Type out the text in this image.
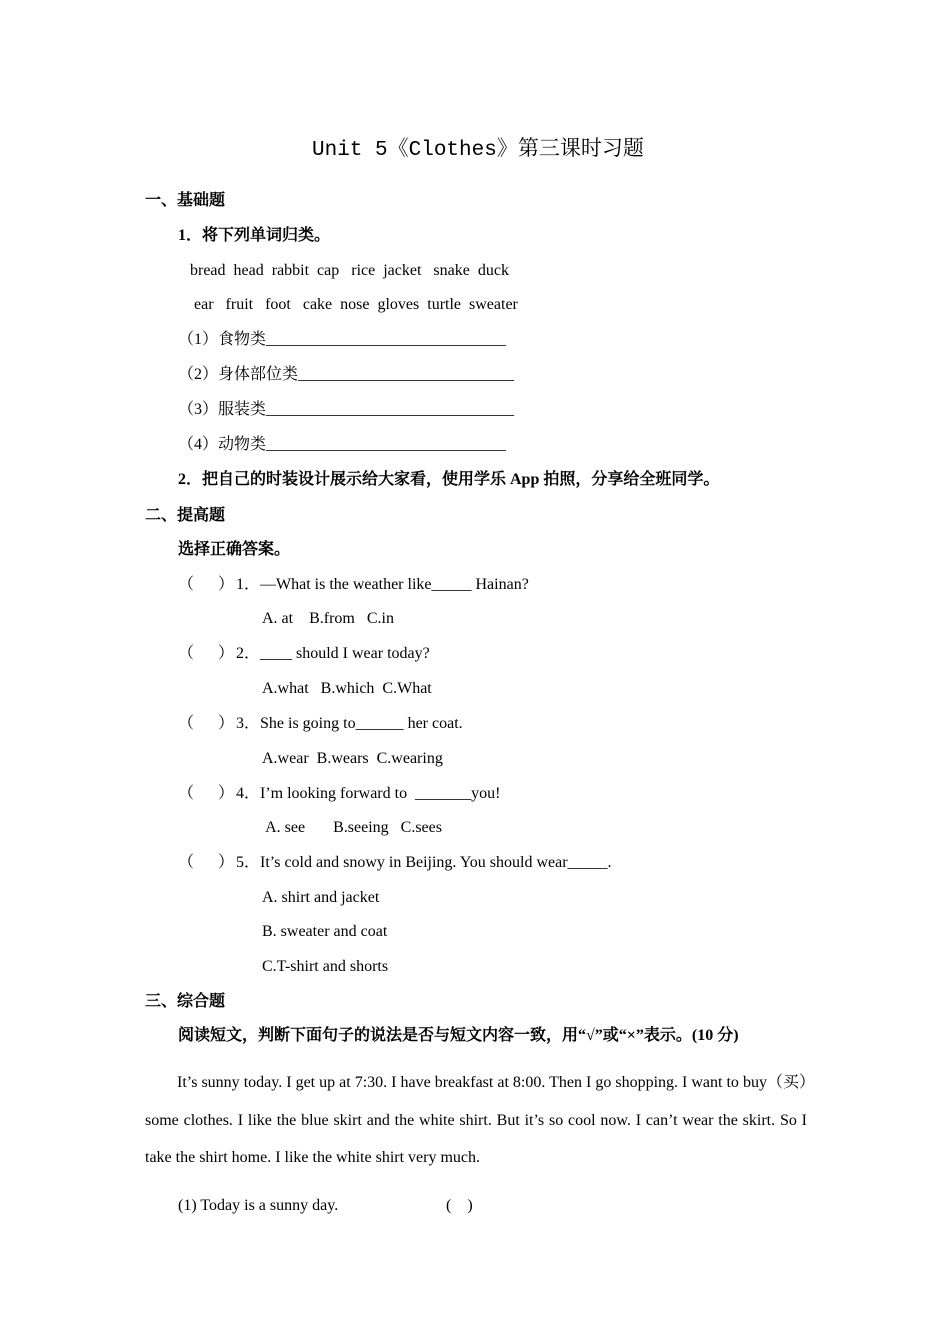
Unit 5《Clothes》第三课时习题
一、基础题
1．将下列单词归类。
bread  head  rabbit  cap   rice  jacket   snake  duck
ear   fruit   foot   cake  nose  gloves  turtle  sweater
（1）食物类______________________________
（2）身体部位类___________________________
（3）服装类_______________________________
（4）动物类______________________________
2．把自己的时装设计展示给大家看，使用学乐 App 拍照，分享给全班同学。
二、提高题
选择正确答案。
（      ） 1．—What is the weather like_____ Hainan?
A. at    B.from   C.in
（      ） 2．____ should I wear today?
A.what   B.which  C.What
（      ） 3．She is going to______ her coat.
A.wear  B.wears  C.wearing
（      ） 4．I’m looking forward to  _______you!
A. see       B.seeing   C.sees
（      ） 5．It’s cold and snowy in Beijing. You should wear_____.
A. shirt and jacket
B. sweater and coat
C.T-shirt and shorts
三、综合题
阅读短文，判断下面句子的说法是否与短文内容一致，用“√”或“×”表示。(10 分)
It’s sunny today. I get up at 7:30. I have breakfast at 8:00. Then I go shopping. I want to buy（买）some clothes. I like the blue skirt and the white shirt. But it’s so cool now. I can’t wear the skirt. So I take the shirt home. I like the white shirt very much.
(1) Today is a sunny day.	(    )
